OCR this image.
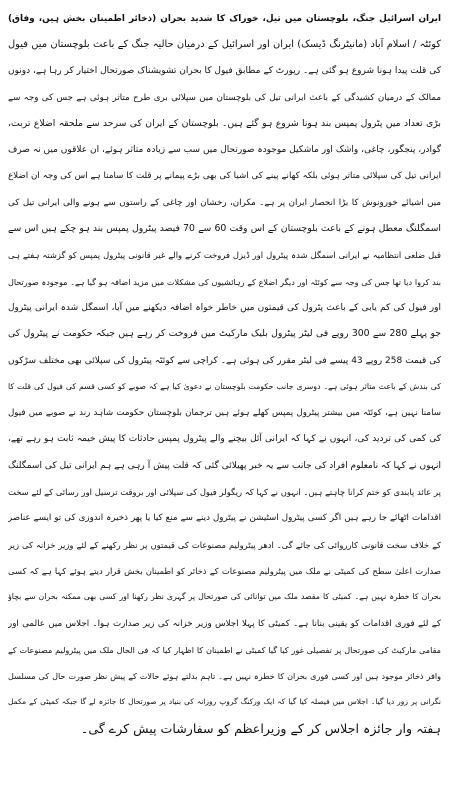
ایران اسرائیل جنگ، بلوچستان میں تیل، خوراک کا شدید بحران (ذخائر اطمینان بخش ہیں، وفاق)
کوئٹہ / اسلام آباد (مانیٹرنگ ڈیسک) ایران اور اسرائیل کے درمیان حالیہ جنگ کے باعث بلوچستان میں فیول
کی قلت پیدا ہونا شروع ہو گئی ہے۔ رپورٹ کے مطابق فیول کا بحران تشویشناک صورتحال اختیار کر رہا ہے، دونوں
ممالک کے درمیان کشیدگی کے باعث ایرانی تیل کی بلوچستان میں سپلائی بری طرح متاثر ہوئی ہے جس کی وجہ سے
بڑی تعداد میں پٹرول پمپس بند ہونا شروع ہو گئے ہیں۔ بلوچستان کے ایران کی سرحد سے ملحقہ اضلاع تربت،
گوادر، پنجگور، چاغی، واشک اور ماشکیل موجودہ صورتحال میں سب سے زیادہ متاثر ہوئے، ان علاقوں میں نہ صرف
ایرانی تیل کی سپلائی متاثر ہوئی بلکہ کھانے پینے کی اشیا کی بھی بڑے پیمانے پر قلت کا سامنا ہے اس کی وجہ ان اضلاع
میں اشیائے خورونوش کا بڑا انحصار ایران پر ہے۔ مکران، رخشان اور چاغی کے راستوں سے ہونے والی ایرانی تیل کی
اسمگلنگ معطل ہونے کے باعث بلوچستان کے اس وقت 60 سے 70 فیصد پیٹرول پمپس بند ہو چکے ہیں اس سے
قبل ضلعی انتظامیہ نے ایرانی اسمگل شدہ پیٹرول اور ڈیزل فروخت کرنے والے غیر قانونی پیٹرول پمپس کو گزشتہ ہفتے ہی
بند کروا دیا تھا جس کی وجہ سے کوئٹہ اور دیگر اضلاع کے رہائشیوں کی مشکلات میں مزید اضافہ ہو گیا ہے۔ موجودہ صورتحال
اور فیول کی کم یابی کے باعث پٹرول کی قیمتوں میں خاطر خواہ اضافہ دیکھنے میں آیا، اسمگل شدہ ایرانی پیٹرول
جو پہلے 280 سے 300 روپے فی لیٹر پیٹرول بلیک مارکیٹ میں فروخت کر رہے ہیں جبکہ حکومت نے پیٹرول کی
کی قیمت 258 روپے 43 پیسے فی لیٹر مقرر کی ہوئی ہے۔ کراچی سے کوئٹہ پیٹرول کی سپلائی بھی مختلف سڑکوں
کی بندش کے باعث متاثر ہوئی ہے۔ دوسری جانب حکومت بلوچستان نے دعویٰ کیا ہے کہ صوبے کو کسی قسم کی فیول کی قلت کا
سامنا نہیں ہے، کوئٹہ میں بیشتر پیٹرول پمپس کھلے ہوئے ہیں ترجمان بلوچستان حکومت شاہد رند نے صوبے میں فیول
کی کمی کی تردید کی، انہوں نے کہا کہ ایرانی آئل بیچنے والے پیٹرول پمپس حادثات کا پیش خیمہ ثابت ہو رہے تھے،
انہوں نے کہا کہ نامعلوم افراد کی جانب سے یہ خبر پھیلائی گئی کہ قلت پیش آ رہی ہے ہم ایرانی تیل کی اسمگلنگ
پر عائد پابندی کو ختم کرانا چاہتے ہیں۔ انہوں نے کہا کہ ریگولر فیول کی سپلائی اور بروقت ترسیل اور رسائی کے لئے سخت
اقدامات اٹھائے جا رہے ہیں اگر کسی پیٹرول اسٹیشن نے پیٹرول دینے سے منع کیا یا پھر ذخیرہ اندوزی کی تو ایسے عناصر
کے خلاف سخت قانونی کارروائی کی جائے گی۔ ادھر پیٹرولیم مصنوعات کی قیمتوں پر نظر رکھنے کے لئے وزیر خزانہ کی زیر
صدارت اعلیٰ سطح کی کمیٹی نے ملک میں پیٹرولیم مصنوعات کے ذخائر کو اطمینان بخش قرار دیتے ہوئے کہا ہے کہ کسی
بحران کا خطرہ نہیں ہے۔ کمیٹی کا مقصد ملک میں توانائی کی صورتحال پر گہری نظر رکھنا اور کسی بھی ممکنہ بحران سے بچاؤ
کے لئے فوری اقدامات کو یقینی بنانا ہے۔ کمیٹی کا پہلا اجلاس وزیر خزانہ کی زیر صدارت ہوا۔ اجلاس میں عالمی اور
مقامی مارکیٹ کی صورتحال پر تفصیلی غور کیا گیا کمیٹی نے اطمینان کا اظہار کیا کہ فی الحال ملک میں پیٹرولیم مصنوعات کے
وافر ذخائر موجود ہیں اور کسی فوری بحران کا خطرہ نہیں ہے۔ تاہم بدلتے ہوئے حالات کے پیش نظر صورت حال کی مسلسل
نگرانی پر زور دیا گیا۔ اجلاس میں فیصلہ کیا گیا کہ ایک ورکنگ گروپ روزانہ کی بنیاد پر صورتحال کا جائزہ لے گا جبکہ کمیٹی کے مکمل
ہفتہ وار جائزہ اجلاس کر کے وزیراعظم کو سفارشات پیش کرے گی۔
